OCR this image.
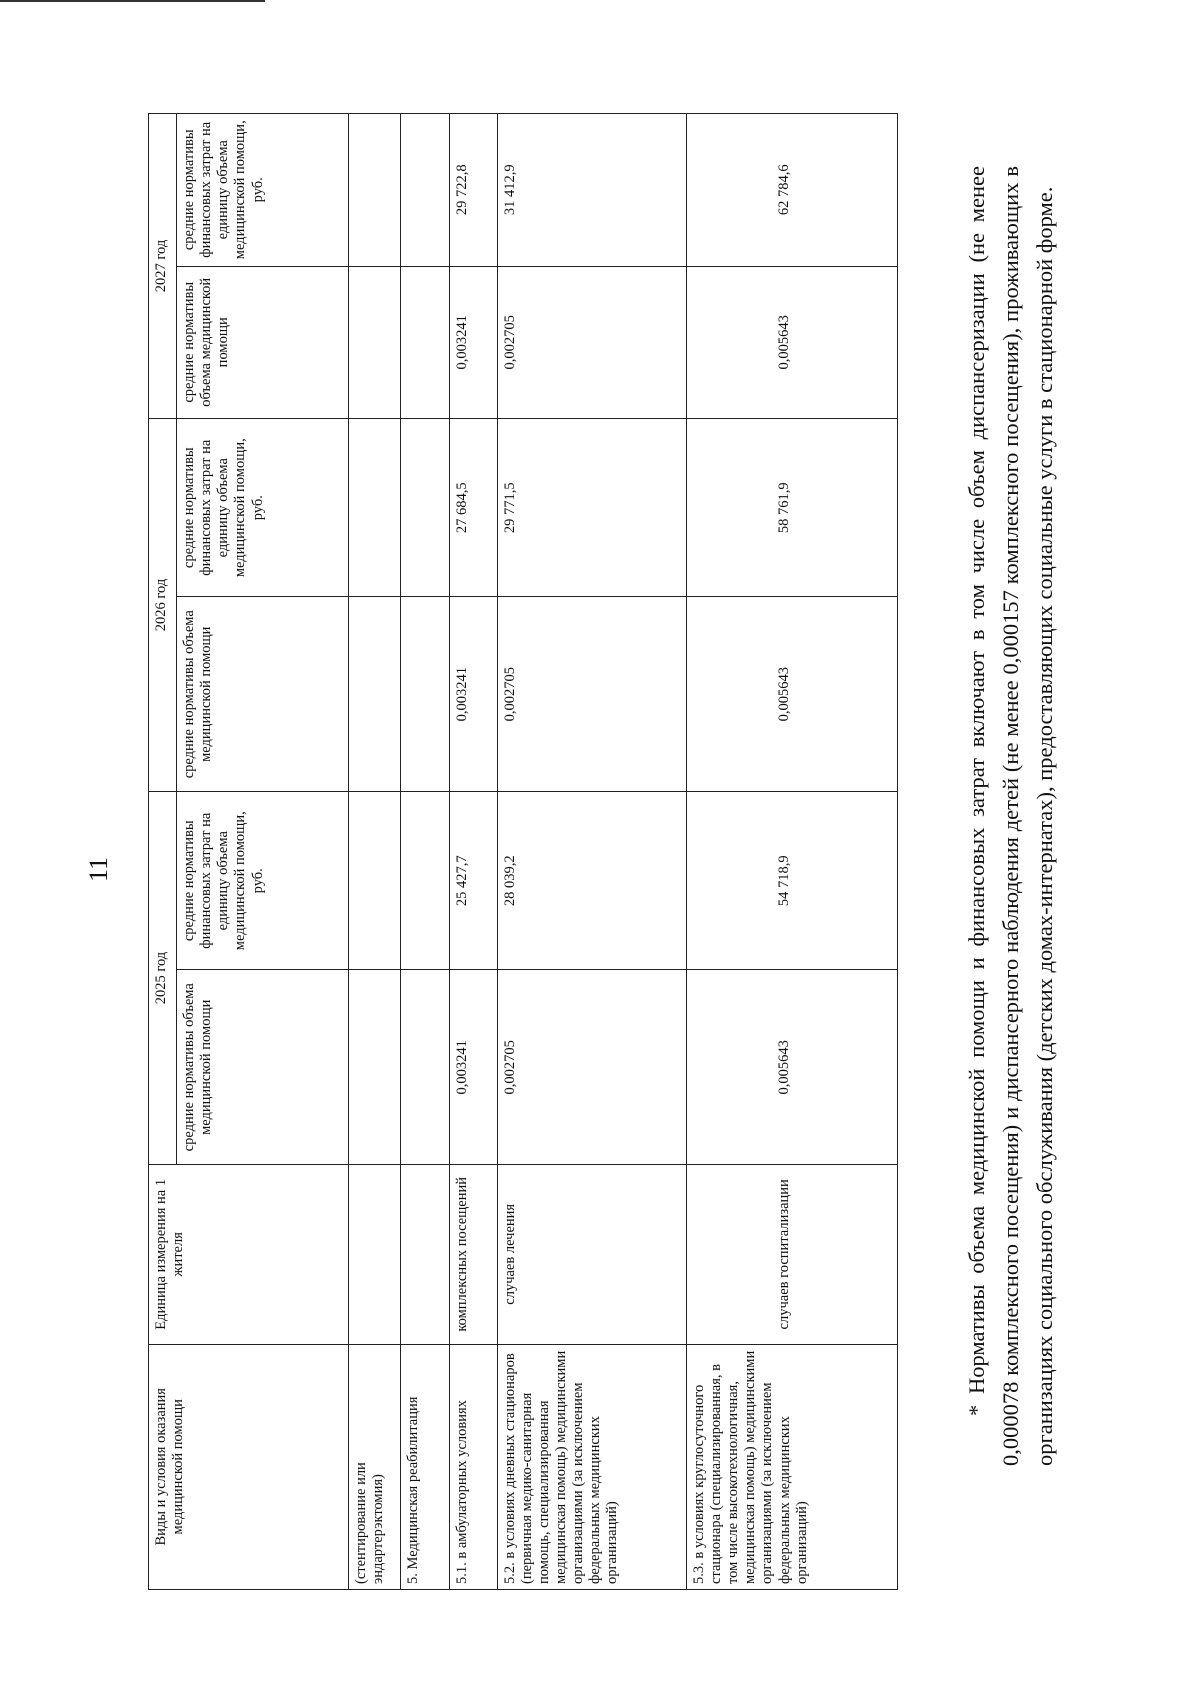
11
Виды и условия оказания медицинской помощи	Единица измерения на 1 жителя	2025 год		2026 год		2027 год	
		средние нормативы объема медицинской помощи	средние нормативы финансовых затрат на единицу объема медицинской помощи, руб.	средние нормативы объема медицинской помощи	средние нормативы финансовых затрат на единицу объема медицинской помощи, руб.	средние нормативы объема медицинской помощи	средние нормативы финансовых затрат на единицу объема медицинской помощи, руб.
(стентирование или эндартерэктомия)							
5. Медицинская реабилитация							
5.1. в амбулаторных условиях	комплексных посещений	0,003241	25 427,7	0,003241	27 684,5	0,003241	29 722,8
5.2. в условиях дневных стационаров (первичная медико-санитарная помощь, специализированная медицинская помощь) медицинскими организациями (за исключением федеральных медицинских организаций)	случаев лечения	0,002705	28 039,2	0,002705	29 771,5	0,002705	31 412,9
5.3. в условиях круглосуточного стационара (специализированная, в том числе высокотехнологичная, медицинская помощь) медицинскими организациями (за исключением федеральных медицинских организаций)	случаев госпитализации	0,005643	54 718,9	0,005643	58 761,9	0,005643	62 784,6	* Нормативы объема медицинской помощи и финансовых затрат включают в том числе объем диспансеризации (не менее 0,000078 комплексного посещения) и диспансерного наблюдения детей (не менее 0,000157 комплексного посещения), проживающих в организациях социального обслуживания (детских домах-интернатах), предоставляющих социальные услуги в стационарной форме.
